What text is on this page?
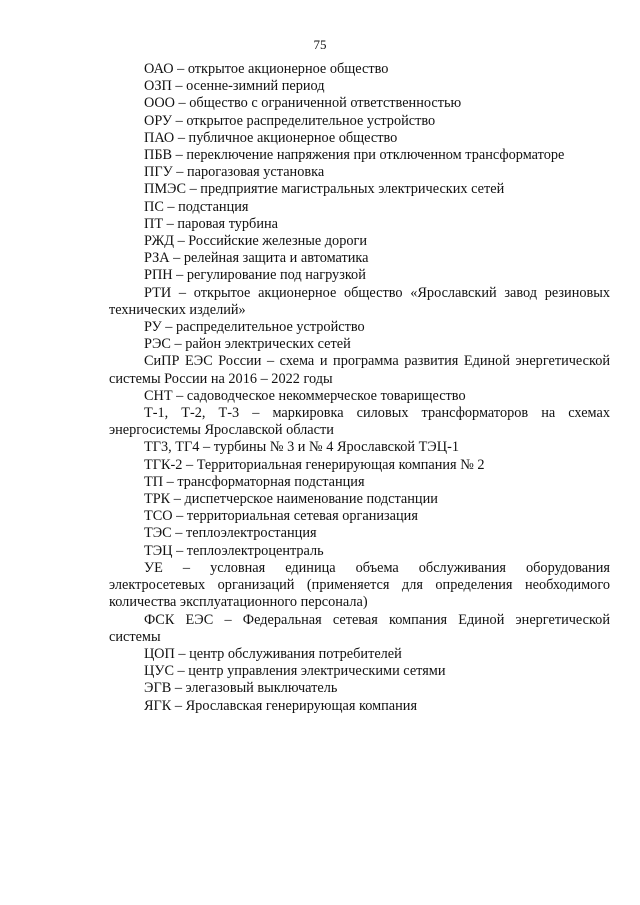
75
ОАО – открытое акционерное общество
ОЗП – осенне-зимний период
ООО – общество с ограниченной ответственностью
ОРУ – открытое распределительное устройство
ПАО – публичное акционерное общество
ПБВ – переключение напряжения при отключенном трансформаторе
ПГУ – парогазовая установка
ПМЭС – предприятие магистральных электрических сетей
ПС – подстанция
ПТ – паровая турбина
РЖД – Российские железные дороги
РЗА – релейная защита и автоматика
РПН – регулирование под нагрузкой
РТИ – открытое акционерное общество «Ярославский завод резиновых технических изделий»
РУ – распределительное устройство
РЭС – район электрических сетей
СиПР ЕЭС России – схема и программа развития Единой энергетической системы России на 2016 – 2022 годы
СНТ – садоводческое некоммерческое товарищество
Т-1, Т-2, Т-3 – маркировка силовых трансформаторов на схемах энергосистемы Ярославской области
ТГ3, ТГ4 – турбины № 3 и № 4 Ярославской ТЭЦ-1
ТГК-2 – Территориальная генерирующая компания № 2
ТП – трансформаторная подстанция
ТРК – диспетчерское наименование подстанции
ТСО – территориальная сетевая организация
ТЭС – теплоэлектростанция
ТЭЦ – теплоэлектроцентраль
УЕ – условная единица объема обслуживания оборудования электросетевых организаций (применяется для определения необходимого количества эксплуатационного персонала)
ФСК ЕЭС – Федеральная сетевая компания Единой энергетической системы
ЦОП – центр обслуживания потребителей
ЦУС – центр управления электрическими сетями
ЭГВ – элегазовый выключатель
ЯГК – Ярославская генерирующая компания
